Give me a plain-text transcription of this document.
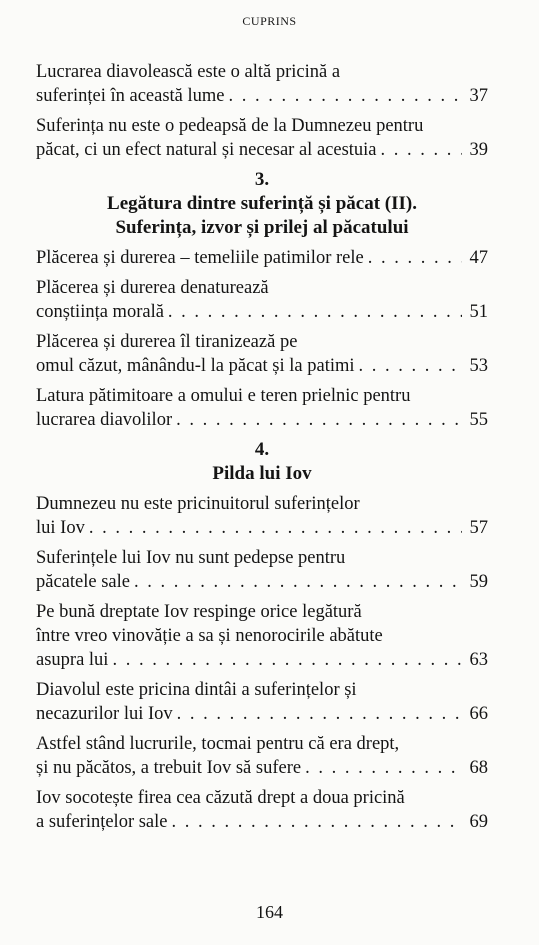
CUPRINS
Lucrarea diavolească este o altă pricină a
suferinței în această lume . . .	37
Suferința nu este o pedeapsă de la Dumnezeu pentru
păcat, ci un efect natural și necesar al acestuia . . .	39
3.
Legătura dintre suferință și păcat (II).
Suferința, izvor și prilej al păcatului
Plăcerea și durerea – temeliile patimilor rele . . .	47
Plăcerea și durerea denaturează
conștiința morală . . .	51
Plăcerea și durerea îl tiranizează pe
omul căzut, mânându-l la păcat și la patimi . . .	53
Latura pătimitoare a omului e teren prielnic pentru
lucrarea diavolilor . . .	55
4.
Pilda lui Iov
Dumnezeu nu este pricinuitorul suferințelor
lui Iov . . .	57
Suferințele lui Iov nu sunt pedepse pentru
păcatele sale . . .	59
Pe bună dreptate Iov respinge orice legătură
între vreo vinovăție a sa și nenorocirile abătute
asupra lui . . .	63
Diavolul este pricina dintâi a suferințelor și
necazurilor lui Iov . . .	66
Astfel stând lucrurile, tocmai pentru că era drept,
și nu păcătos, a trebuit Iov să sufere . . .	68
Iov socotește firea cea căzută drept a doua pricină
a suferințelor sale . . .	69
164
